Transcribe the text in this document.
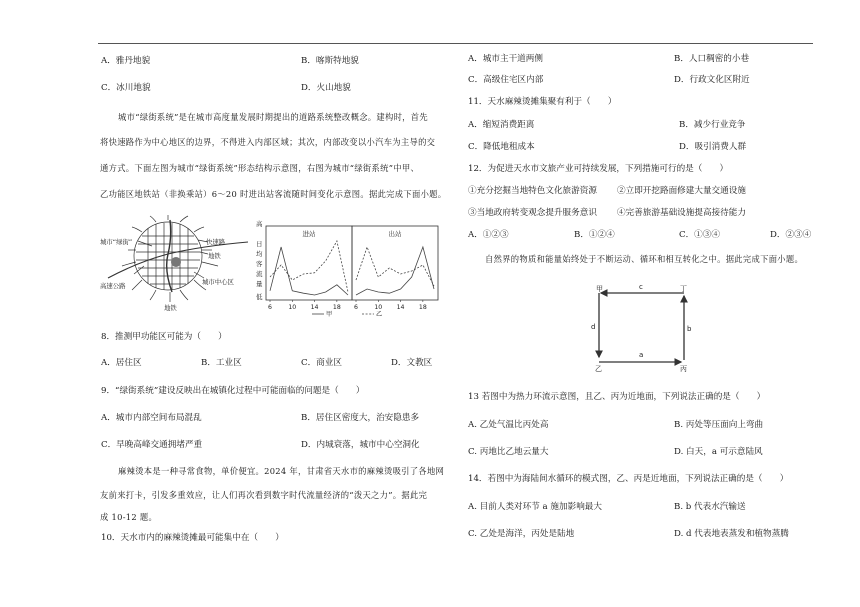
A．雅丹地貌	B．喀斯特地貌
C．冰川地貌	D．火山地貌
城市“绿街系统”是在城市高度量发展时期提出的道路系统整改概念。建构时，首先
将快速路作为中心地区的边界，不得进入内部区域；其次，内部改变以小汽车为主导的交
通方式。下面左图为城市“绿街系统”形态结构示意图，右图为城市“绿街系统”中甲、
乙功能区地铁站（非换乘站）6～20 时进出站客流随时间变化示意图。据此完成下面小题。
城市“绿街”	快速路
地铁
高速公路	城市中心区
地铁
高
日
均
客
流
量
低
进站
6	10 14 18
出站
6	10 14 18
甲	乙
8．推测甲功能区可能为（　　）
A．居住区	B．工业区	C．商业区	D．文教区
9．“绿街系统”建设反映出在城镇化过程中可能面临的问题是（　　）
A．城市内部空间布局混乱	B．居住区密度大，治安隐患多
C．早晚高峰交通拥堵严重	D．内城衰落，城市中心空洞化
麻辣烫本是一种寻常食物，单价便宜。2024 年，甘肃省天水市的麻辣烫吸引了各地网
友前来打卡，引发多重效应，让人们再次看到数字时代流量经济的“泼天之力”。据此完
成 10-12 题。
10．天水市内的麻辣烫摊最可能集中在（　　）
A．城市主干道两侧	B．人口稠密的小巷
C．高级住宅区内部	D．行政文化区附近
11．天水麻辣烫摊集聚有利于（　　）
A．缩短消费距离	B．减少行业竞争
C．降低地租成本	D．吸引消费人群
12．为促进天水市文旅产业可持续发展，下列措施可行的是（　　）
①充分挖掘当地特色文化旅游资源 ②立即开挖路面修建大量交通设施
③当地政府转变观念提升服务意识 ④完善旅游基础设施提高接待能力
A．①②③	B．①②④	C．①③④	D．②③④
自然界的物质和能量始终处于不断运动、循环和相互转化之中。据此完成下面小题。
甲	丁
乙	丙
c
b
d
a
13 若图中为热力环流示意图，且乙、丙为近地面，下列说法正确的是（　　）
A. 乙处气温比丙处高	B. 丙处等压面向上弯曲
C. 丙地比乙地云量大	D. 白天，a 可示意陆风
14．若图中为海陆间水循环的模式图，乙、丙是近地面，下列说法正确的是（　　）
A. 目前人类对环节 a 施加影响最大	B. b 代表水汽输送
C. 乙处是海洋，丙处是陆地	D. d 代表地表蒸发和植物蒸腾
